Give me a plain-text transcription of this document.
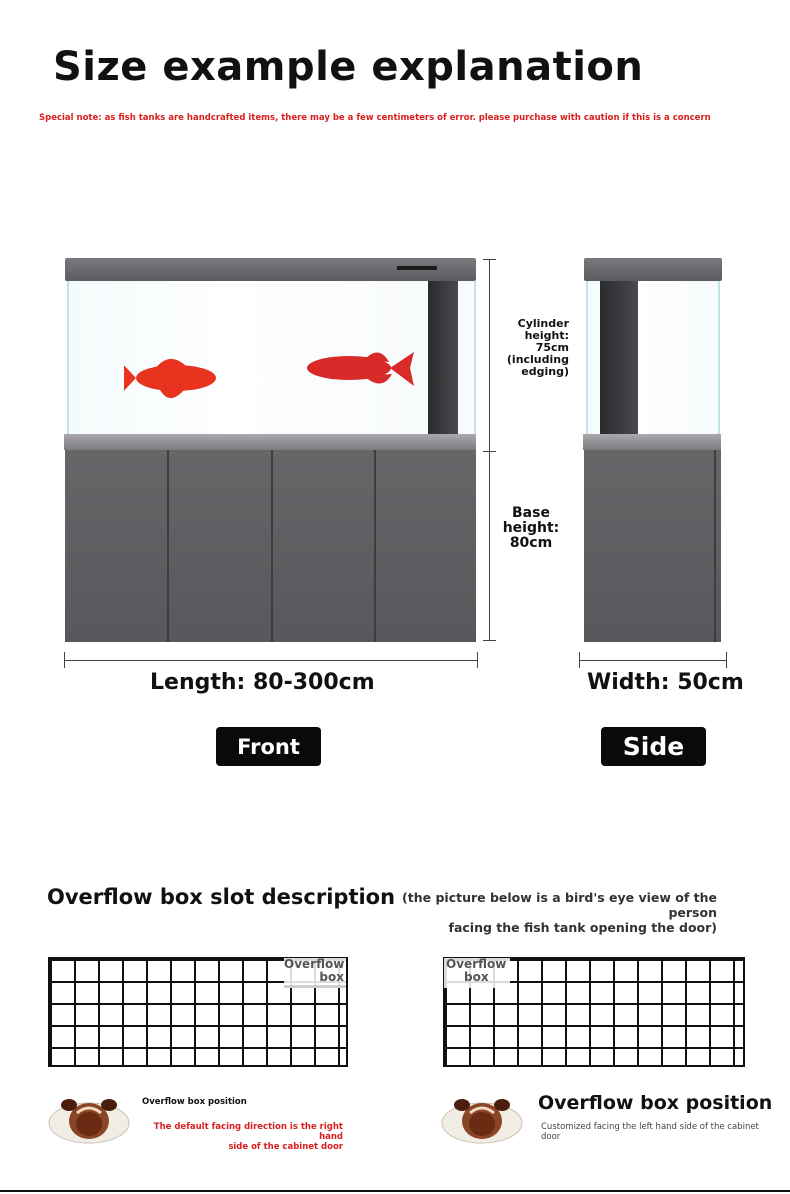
Size example explanation
Special note: as fish tanks are handcrafted items, there may be a few centimeters of error. please purchase with caution if this is a concern
Cylinder
height: 75cm
(including
edging)
Base
height:
80cm
Length: 80-300cm	Width: 50cm
Front	Side
Overflow box slot description (the picture below is a bird's eye view of the person
facing the fish tank opening the door)
Overflow
box
Overflow
box
Overflow box position
The default facing direction is the right hand
side of the cabinet door
Overflow box position
Customized facing the left hand side of the cabinet
door
